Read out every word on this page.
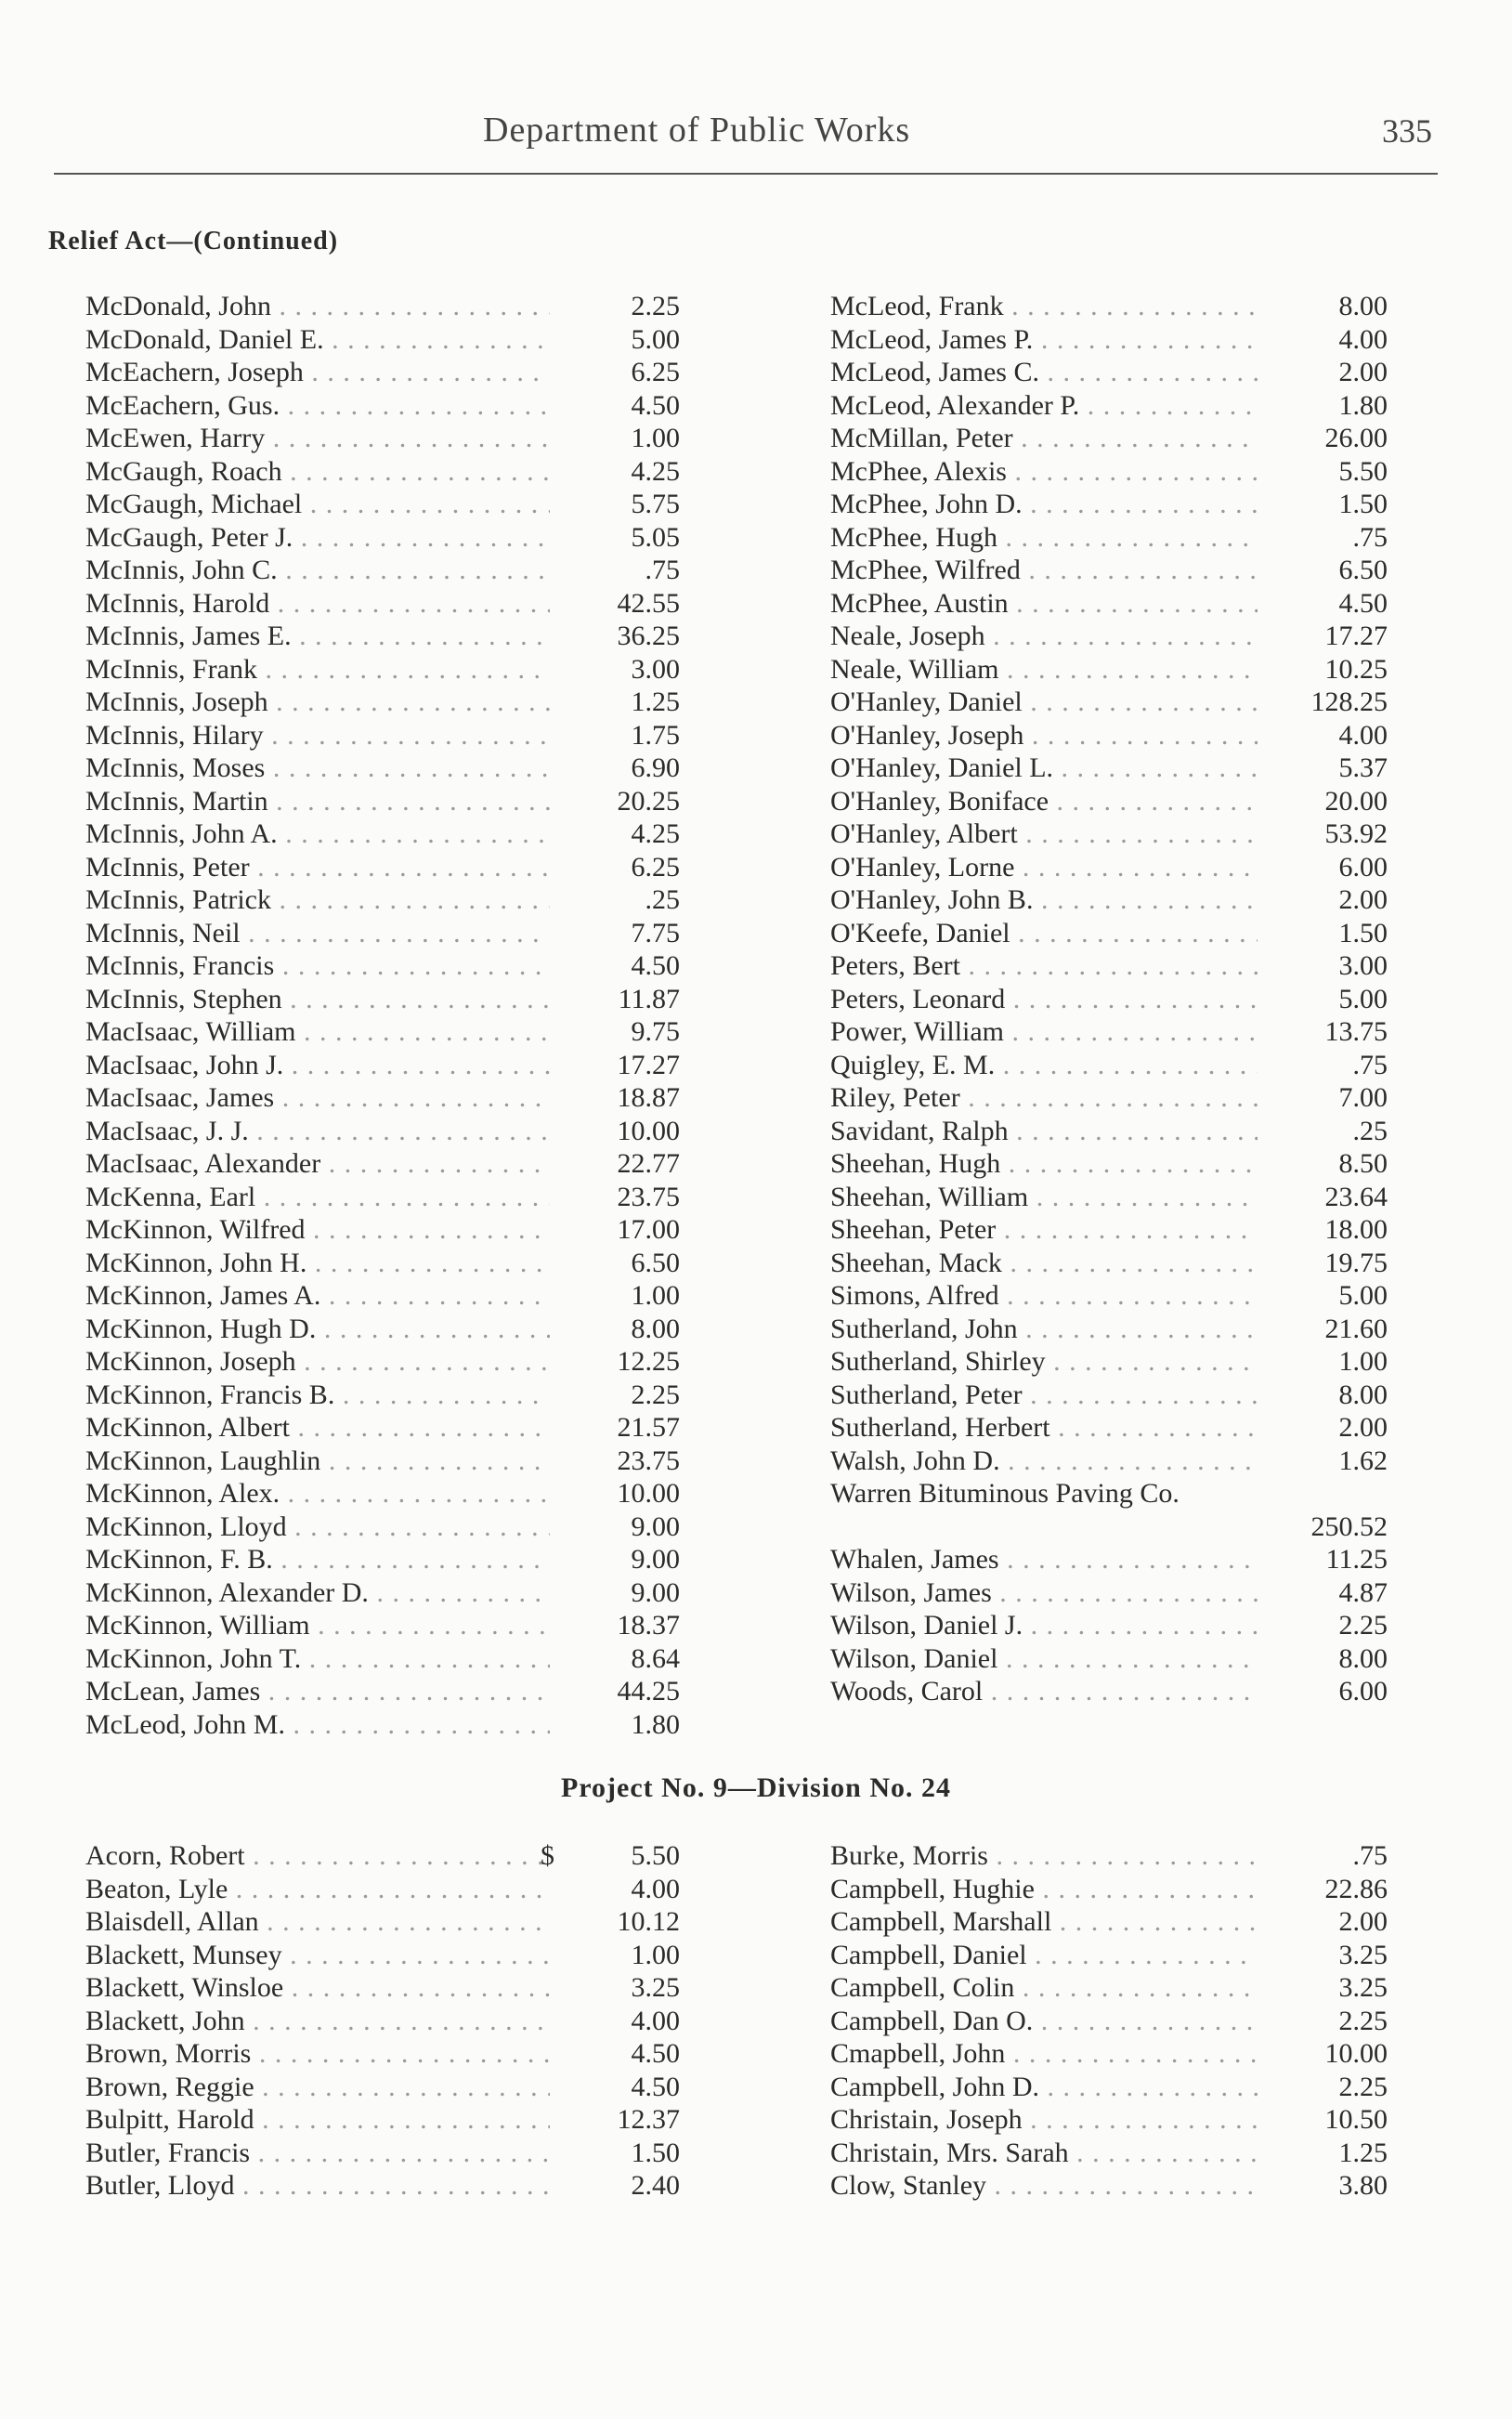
Department of Public Works	335
Relief Act—(Continued)
McDonald, John . . .	2.25
McDonald, Daniel E. . . .	5.00
McEachern, Joseph . . .	6.25
McEachern, Gus. . . .	4.50
McEwen, Harry . . .	1.00
McGaugh, Roach . . .	4.25
McGaugh, Michael . . .	5.75
McGaugh, Peter J. . . .	5.05
McInnis, John C. . . .	.75
McInnis, Harold . . .	42.55
McInnis, James E. . . .	36.25
McInnis, Frank . . .	3.00
McInnis, Joseph . . .	1.25
McInnis, Hilary . . .	1.75
McInnis, Moses . . .	6.90
McInnis, Martin . . .	20.25
McInnis, John A. . . .	4.25
McInnis, Peter . . .	6.25
McInnis, Patrick . . .	.25
McInnis, Neil . . .	7.75
McInnis, Francis . . .	4.50
McInnis, Stephen . . .	11.87
MacIsaac, William . . .	9.75
MacIsaac, John J. . . .	17.27
MacIsaac, James . . .	18.87
MacIsaac, J. J. . . .	10.00
MacIsaac, Alexander . . .	22.77
McKenna, Earl . . .	23.75
McKinnon, Wilfred . . .	17.00
McKinnon, John H. . . .	6.50
McKinnon, James A. . . .	1.00
McKinnon, Hugh D. . . .	8.00
McKinnon, Joseph . . .	12.25
McKinnon, Francis B. . . .	2.25
McKinnon, Albert . . .	21.57
McKinnon, Laughlin . . .	23.75
McKinnon, Alex. . . .	10.00
McKinnon, Lloyd . . .	9.00
McKinnon, F. B. . . .	9.00
McKinnon, Alexander D. . . .	9.00
McKinnon, William . . .	18.37
McKinnon, John T. . . .	8.64
McLean, James . . .	44.25
McLeod, John M. . . .	1.80
McLeod, Frank . . .	8.00
McLeod, James P. . . .	4.00
McLeod, James C. . . .	2.00
McLeod, Alexander P. . . .	1.80
McMillan, Peter . . .	26.00
McPhee, Alexis . . .	5.50
McPhee, John D. . . .	1.50
McPhee, Hugh . . .	.75
McPhee, Wilfred . . .	6.50
McPhee, Austin . . .	4.50
Neale, Joseph . . .	17.27
Neale, William . . .	10.25
O'Hanley, Daniel . . .	128.25
O'Hanley, Joseph . . .	4.00
O'Hanley, Daniel L. . . .	5.37
O'Hanley, Boniface . . .	20.00
O'Hanley, Albert . . .	53.92
O'Hanley, Lorne . . .	6.00
O'Hanley, John B. . . .	2.00
O'Keefe, Daniel . . .	1.50
Peters, Bert . . .	3.00
Peters, Leonard . . .	5.00
Power, William . . .	13.75
Quigley, E. M. . . .	.75
Riley, Peter . . .	7.00
Savidant, Ralph . . .	.25
Sheehan, Hugh . . .	8.50
Sheehan, William . . .	23.64
Sheehan, Peter . . .	18.00
Sheehan, Mack . . .	19.75
Simons, Alfred . . .	5.00
Sutherland, John . . .	21.60
Sutherland, Shirley . . .	1.00
Sutherland, Peter . . .	8.00
Sutherland, Herbert . . .	2.00
Walsh, John D. . . .	1.62
Warren Bituminous Paving Co.
250.52
Whalen, James . . .	11.25
Wilson, James . . .	4.87
Wilson, Daniel J. . . .	2.25
Wilson, Daniel . . .	8.00
Woods, Carol . . .	6.00
Project No. 9—Division No. 24
Acorn, Robert . . .	$	5.50
Beaton, Lyle . . .	4.00
Blaisdell, Allan . . .	10.12
Blackett, Munsey . . .	1.00
Blackett, Winsloe . . .	3.25
Blackett, John . . .	4.00
Brown, Morris . . .	4.50
Brown, Reggie . . .	4.50
Bulpitt, Harold . . .	12.37
Butler, Francis . . .	1.50
Butler, Lloyd . . .	2.40
Burke, Morris . . .	.75
Campbell, Hughie . . .	22.86
Campbell, Marshall . . .	2.00
Campbell, Daniel . . .	3.25
Campbell, Colin . . .	3.25
Campbell, Dan O. . . .	2.25
Cmapbell, John . . .	10.00
Campbell, John D. . . .	2.25
Christain, Joseph . . .	10.50
Christain, Mrs. Sarah . . .	1.25
Clow, Stanley . . .	3.80
